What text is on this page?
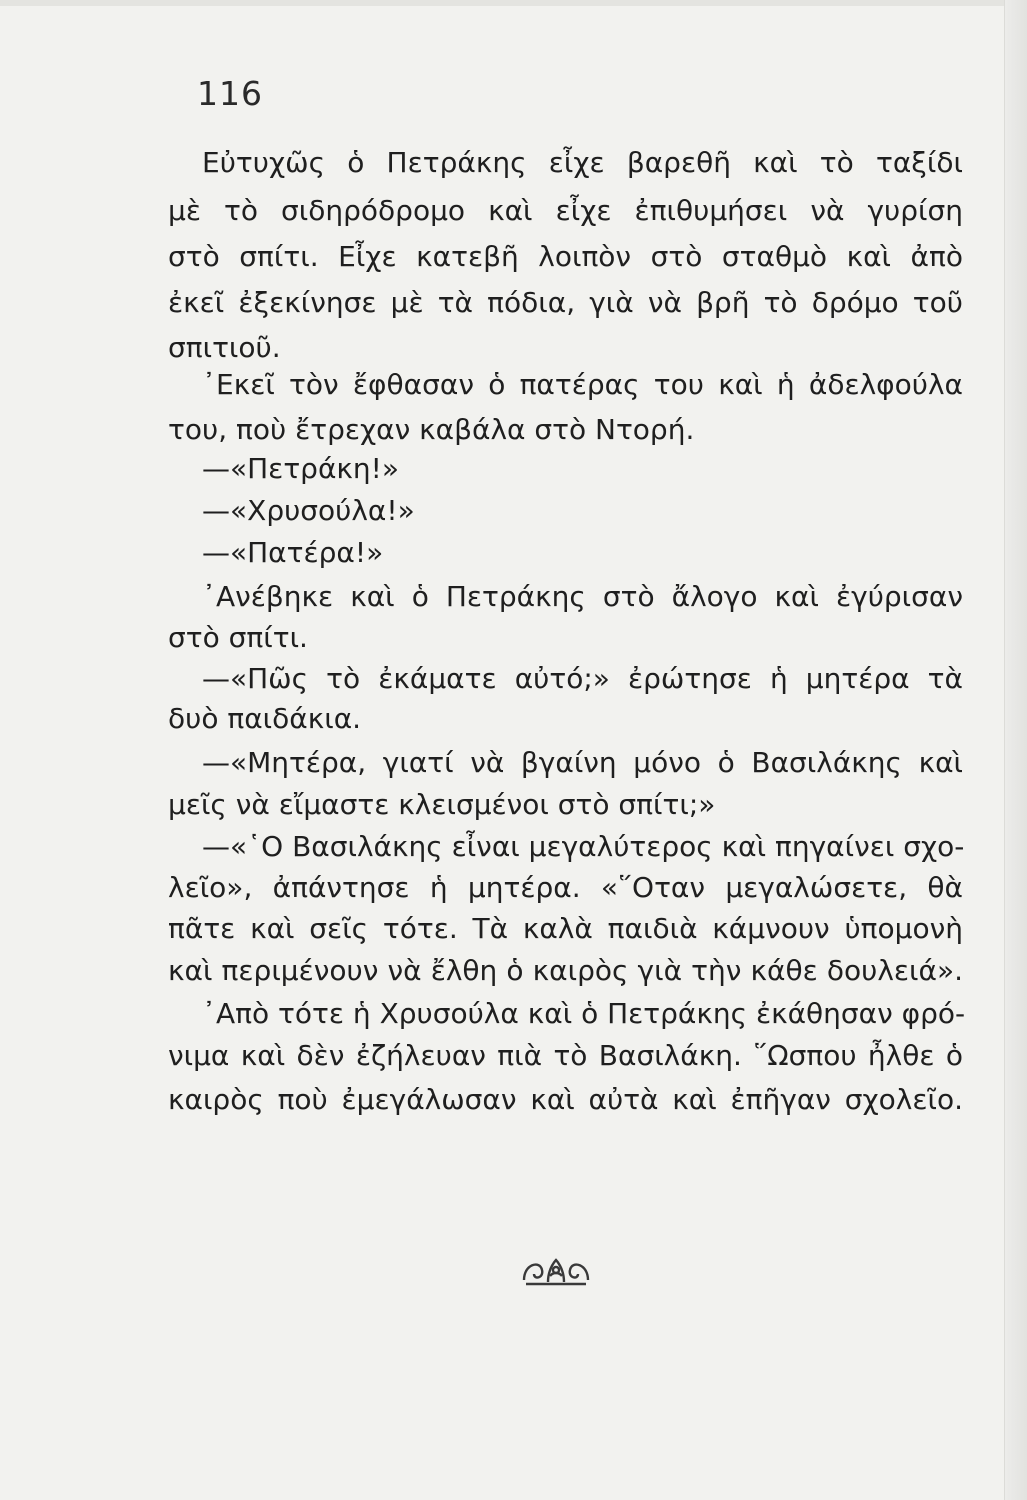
116
Εὐτυχῶς ὁ Πετράκης εἶχε βαρεθῆ καὶ τὸ ταξίδι
μὲ τὸ σιδηρόδρομο καὶ εἶχε ἐπιθυμήσει νὰ γυρίση
στὸ σπίτι. Εἶχε κατεβῆ λοιπὸν στὸ σταθμὸ καὶ ἀπὸ
ἐκεῖ ἐξεκίνησε μὲ τὰ πόδια, γιὰ νὰ βρῆ τὸ δρόμο τοῦ
σπιτιοῦ.
᾿Εκεῖ τὸν ἔφθασαν ὁ πατέρας του καὶ ἡ ἀδελφούλα
του, ποὺ ἔτρεχαν καβάλα στὸ Ντορή.
—«Πετράκη!»
—«Χρυσούλα!»
—«Πατέρα!»
᾿Ανέβηκε καὶ ὁ Πετράκης στὸ ἄλογο καὶ ἐγύρισαν
στὸ σπίτι.
—«Πῶς τὸ ἐκάματε αὐτό;» ἐρώτησε ἡ μητέρα τὰ
δυὸ παιδάκια.
—«Μητέρα, γιατί νὰ βγαίνη μόνο ὁ Βασιλάκης καὶ
μεῖς νὰ εἴμαστε κλεισμένοι στὸ σπίτι;»
—«῾Ο Βασιλάκης εἶναι μεγαλύτερος καὶ πηγαίνει σχο-
λεῖο», ἀπάντησε ἡ μητέρα. «῞Οταν μεγαλώσετε, θὰ
πᾶτε καὶ σεῖς τότε. Τὰ καλὰ παιδιὰ κάμνουν ὑπομονὴ
καὶ περιμένουν νὰ ἔλθη ὁ καιρὸς γιὰ τὴν κάθε δουλειά».
᾿Απὸ τότε ἡ Χρυσούλα καὶ ὁ Πετράκης ἐκάθησαν φρό-
νιμα καὶ δὲν ἐζήλευαν πιὰ τὸ Βασιλάκη. ῞Ωσπου ἦλθε ὁ
καιρὸς ποὺ ἐμεγάλωσαν καὶ αὐτὰ καὶ ἐπῆγαν σχολεῖο.
